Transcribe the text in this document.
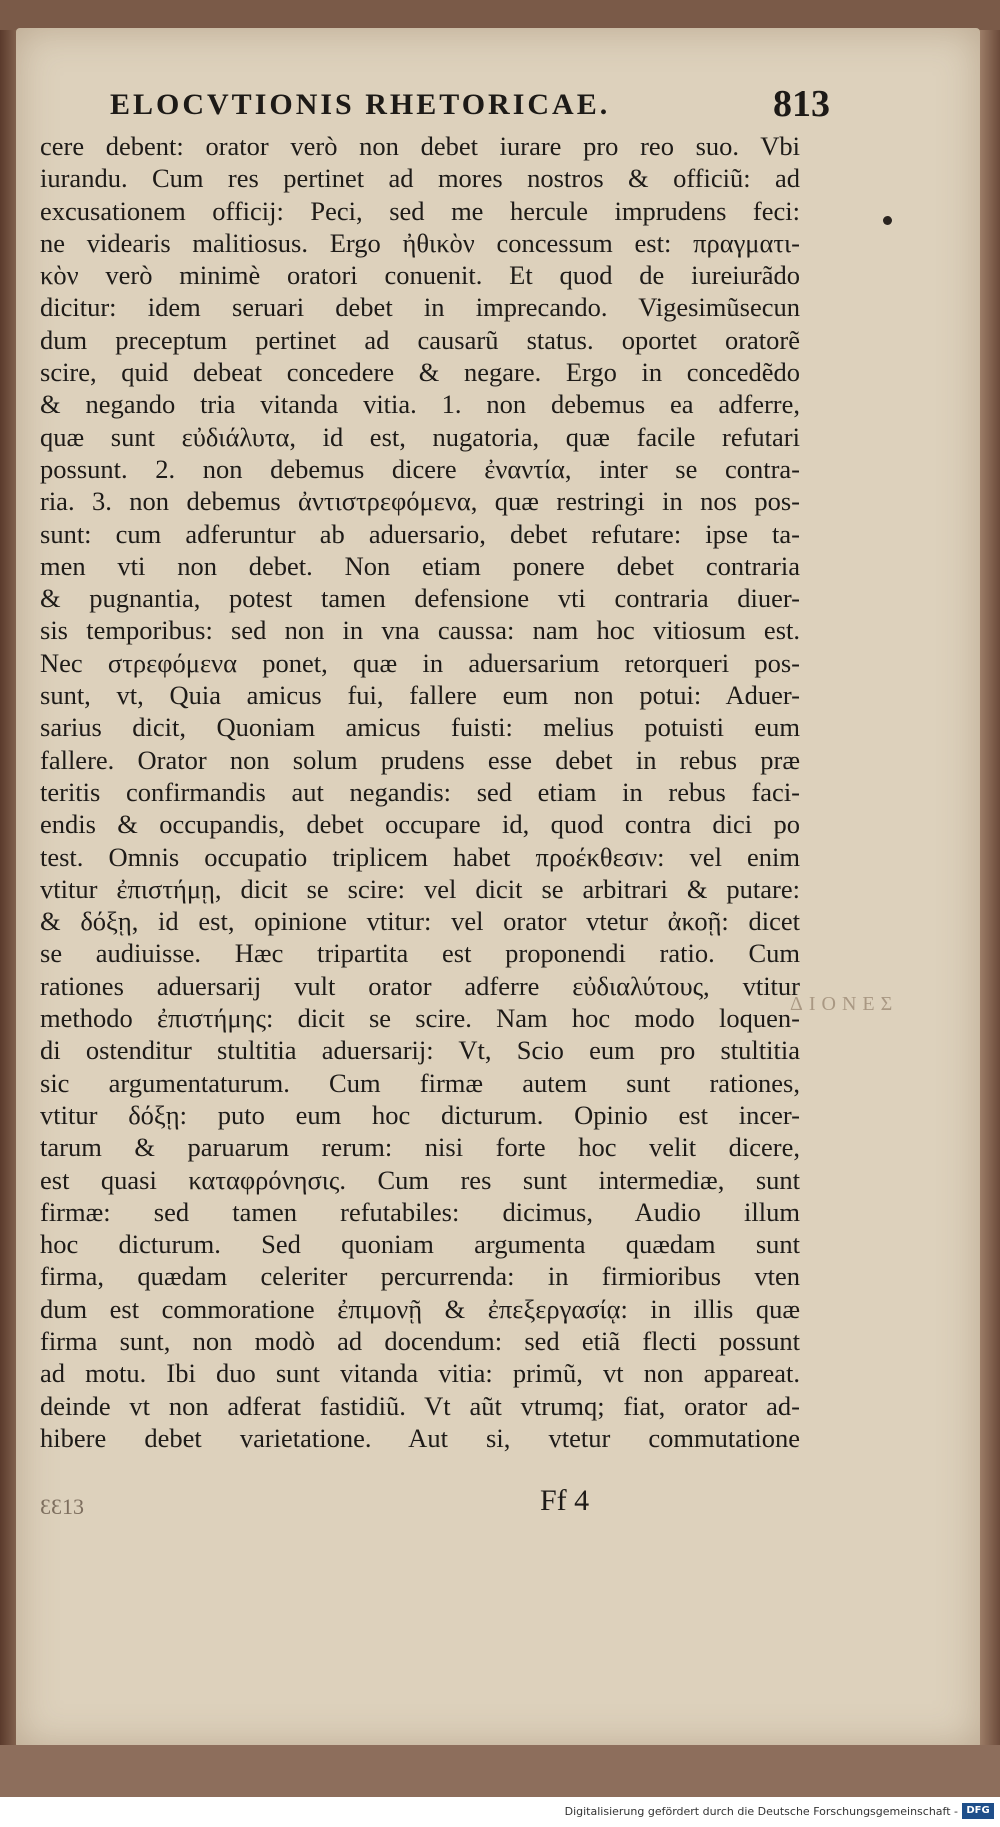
ELOCVTIONIS RHETORICAE.	813
cere debent: orator verò non debet iurare pro reo suo. Vbi
iurandu. Cum res pertinet ad mores nostros & officiũ: ad
excusationem officij: Peci, sed me hercule imprudens feci:
ne videaris malitiosus. Ergo ἠθικὸν concessum est: πραγματι-
κὸν verò minimè oratori conuenit. Et quod de iureiurãdo
dicitur: idem seruari debet in imprecando. Vigesimũsecun
dum preceptum pertinet ad causarũ status. oportet oratorẽ
scire, quid debeat concedere & negare. Ergo in concedẽdo
& negando tria vitanda vitia. 1. non debemus ea adferre,
quæ sunt εὐδιάλυτα, id est, nugatoria, quæ facile refutari
possunt. 2. non debemus dicere ἐναντία, inter se contra-
ria. 3. non debemus ἀντιστρεφόμενα, quæ restringi in nos pos-
sunt: cum adferuntur ab aduersario, debet refutare: ipse ta-
men vti non debet. Non etiam ponere debet contraria
& pugnantia, potest tamen defensione vti contraria diuer-
sis temporibus: sed non in vna caussa: nam hoc vitiosum est.
Nec στρεφόμενα ponet, quæ in aduersarium retorqueri pos-
sunt, vt, Quia amicus fui, fallere eum non potui: Aduer-
sarius dicit, Quoniam amicus fuisti: melius potuisti eum
fallere. Orator non solum prudens esse debet in rebus præ
teritis confirmandis aut negandis: sed etiam in rebus faci-
endis & occupandis, debet occupare id, quod contra dici po
test. Omnis occupatio triplicem habet προέκθεσιν: vel enim
vtitur ἐπιστήμῃ, dicit se scire: vel dicit se arbitrari & putare:
& δόξῃ, id est, opinione vtitur: vel orator vtetur ἀκοῇ: dicet
se audiuisse. Hæc tripartita est proponendi ratio. Cum
rationes aduersarij vult orator adferre εὐδιαλύτους, vtitur
methodo ἐπιστήμης: dicit se scire. Nam hoc modo loquen-
di ostenditur stultitia aduersarij: Vt, Scio eum pro stultitia
sic argumentaturum. Cum firmæ autem sunt rationes,
vtitur δόξῃ: puto eum hoc dicturum. Opinio est incer-
tarum & paruarum rerum: nisi forte hoc velit dicere,
est quasi καταφρόνησις. Cum res sunt intermediæ, sunt
firmæ: sed tamen refutabiles: dicimus, Audio illum
hoc dicturum. Sed quoniam argumenta quædam sunt
firma, quædam celeriter percurrenda: in firmioribus vten
dum est commoratione ἐπιμονῇ & ἐπεξεργασίᾳ: in illis quæ
firma sunt, non modò ad docendum: sed etiã flecti possunt
ad motu. Ibi duo sunt vitanda vitia: primũ, vt non appareat.
deinde vt non adferat fastidiũ. Vt aũt vtrumq; fiat, orator ad-
hibere debet varietatione. Aut si, vtetur commutatione
ΔΙΟΝΕΣ
ƐƐ13	Ff 4
Digitalisierung gefördert durch die Deutsche Forschungsgemeinschaft - DFG
